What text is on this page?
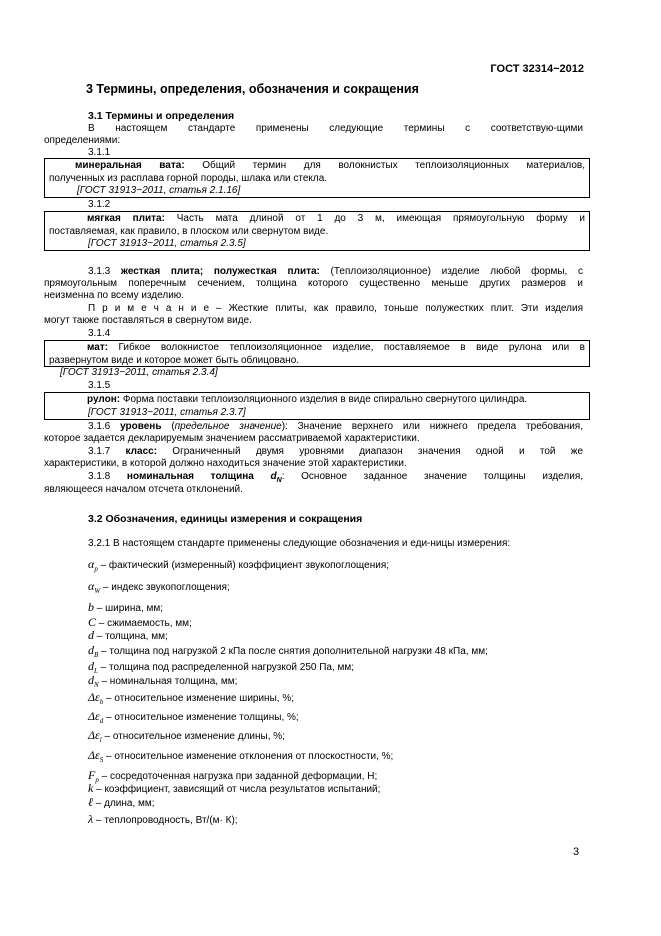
ГОСТ 32314−2012
3 Термины, определения, обозначения и сокращения
3.1 Термины и определения
В настоящем стандарте применены следующие термины с соответствую-щими
определениями:
3.1.1
минеральная вата: Общий термин для волокнистых теплоизоляционных материалов,
полученных из расплава горной породы, шлака или стекла.
[ГОСТ 31913−2011, статья 2.1.16]
3.1.2
мягкая плита: Часть мата длиной от 1 до 3 м, имеющая прямоугольную форму и
поставляемая, как правило, в плоском или свернутом виде.
[ГОСТ 31913−2011, статья 2.3.5]
3.1.3 жесткая плита; полужесткая плита: (Теплоизоляционное) изделие любой формы, с
прямоугольным поперечным сечением, толщина которого существенно меньше других размеров и
неизменна по всему изделию.
П р и м е ч а н и е – Жесткие плиты, как правило, тоньше полужестких плит. Эти изделия
могут также поставляться в свернутом виде.
3.1.4
мат: Гибкое волокнистое теплоизоляционное изделие, поставляемое в виде рулона или в
развернутом виде и которое может быть облицовано.
[ГОСТ 31913−2011, статья 2.3.4]
3.1.5
рулон: Форма поставки теплоизоляционного изделия в виде спирально свернутого цилиндра.
[ГОСТ 31913−2011, статья 2.3.7]
3.1.6 уровень (предельное значение): Значение верхнего или нижнего предела требования,
которое задается декларируемым значением рассматриваемой характеристики.
3.1.7 класс: Ограниченный двумя уровнями диапазон значения одной и той же
характеристики, в которой должно находиться значение этой характеристики.
3.1.8 номинальная толщина $d_N$: Основное заданное значение толщины изделия,
являющееся началом отсчета отклонений.
3.2 Обозначения, единицы измерения и сокращения
3.2.1 В настоящем стандарте применены следующие обозначения и еди-ницы измерения:
$\alpha_p$ – фактический (измеренный) коэффициент звукопоглощения;
$\alpha_W$ – индекс звукопоглощения;
b – ширина, мм;
C – сжимаемость, мм;
d – толщина, мм;
$d_B$ – толщина под нагрузкой 2 кПа после снятия дополнительной нагрузки 48 кПа, мм;
$d_L$ – толщина под распределенной нагрузкой 250 Па, мм;
$d_N$ – номинальная толщина, мм;
$\Delta\varepsilon_b$ – относительное изменение ширины, %;
$\Delta\varepsilon_d$ – относительное изменение толщины, %;
$\Delta\varepsilon_l$ – относительное изменение длины, %;
$\Delta\varepsilon_S$ – относительное изменение отклонения от плоскостности, %;
$F_p$ – сосредоточенная нагрузка при заданной деформации, Н;
k – коэффициент, зависящий от числа результатов испытаний;
ℓ – длина, мм;
λ – теплопроводность, Вт/(м· К);
3
